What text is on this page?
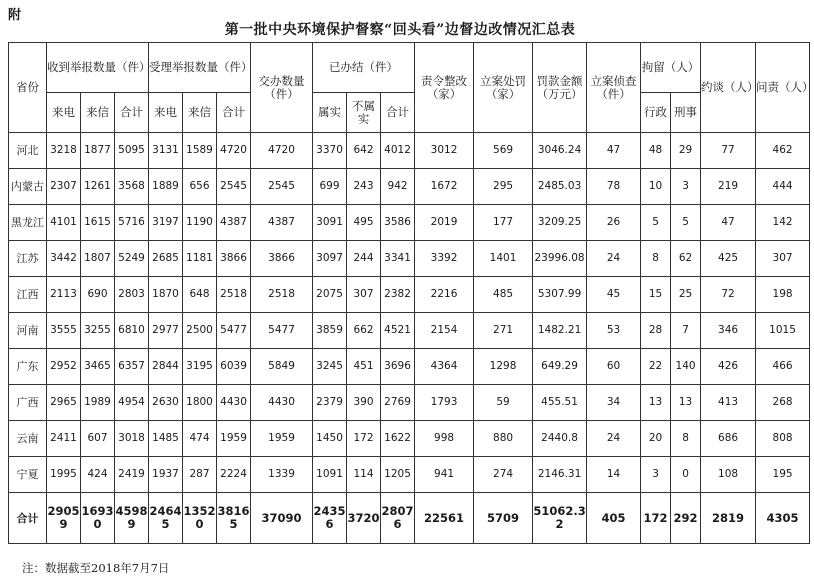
附
第一批中央环境保护督察“回头看”边督边改情况汇总表
省份	收到举报数量（件）			受理举报数量（件）			交办数量（件）	已办结（件）			责令整改（家）	立案处罚（家）	罚款金额（万元）	立案侦查（件）	拘留（人）		约谈（人）	问责（人）
	来电	来信	合计	来电	来信	合计		属实	不属实	合计					行政	刑事		
河北	3218	1877	5095	3131	1589	4720	4720	3370	642	4012	3012	569	3046.24	47	48	29	77	462
内蒙古	2307	1261	3568	1889	656	2545	2545	699	243	942	1672	295	2485.03	78	10	3	219	444
黑龙江	4101	1615	5716	3197	1190	4387	4387	3091	495	3586	2019	177	3209.25	26	5	5	47	142
江苏	3442	1807	5249	2685	1181	3866	3866	3097	244	3341	3392	1401	23996.08	24	8	62	425	307
江西	2113	690	2803	1870	648	2518	2518	2075	307	2382	2216	485	5307.99	45	15	25	72	198
河南	3555	3255	6810	2977	2500	5477	5477	3859	662	4521	2154	271	1482.21	53	28	7	346	1015
广东	2952	3465	6357	2844	3195	6039	5849	3245	451	3696	4364	1298	649.29	60	22	140	426	466
广西	2965	1989	4954	2630	1800	4430	4430	2379	390	2769	1793	59	455.51	34	13	13	413	268
云南	2411	607	3018	1485	474	1959	1959	1450	172	1622	998	880	2440.8	24	20	8	686	808
宁夏	1995	424	2419	1937	287	2224	1339	1091	114	1205	941	274	2146.31	14	3	0	108	195
合计	29059	16930	45989	24645	13520	38165	37090	24356	3720	28076	22561	5709	51062.32	405	172	292	2819	4305
注：数据截至2018年7月7日
